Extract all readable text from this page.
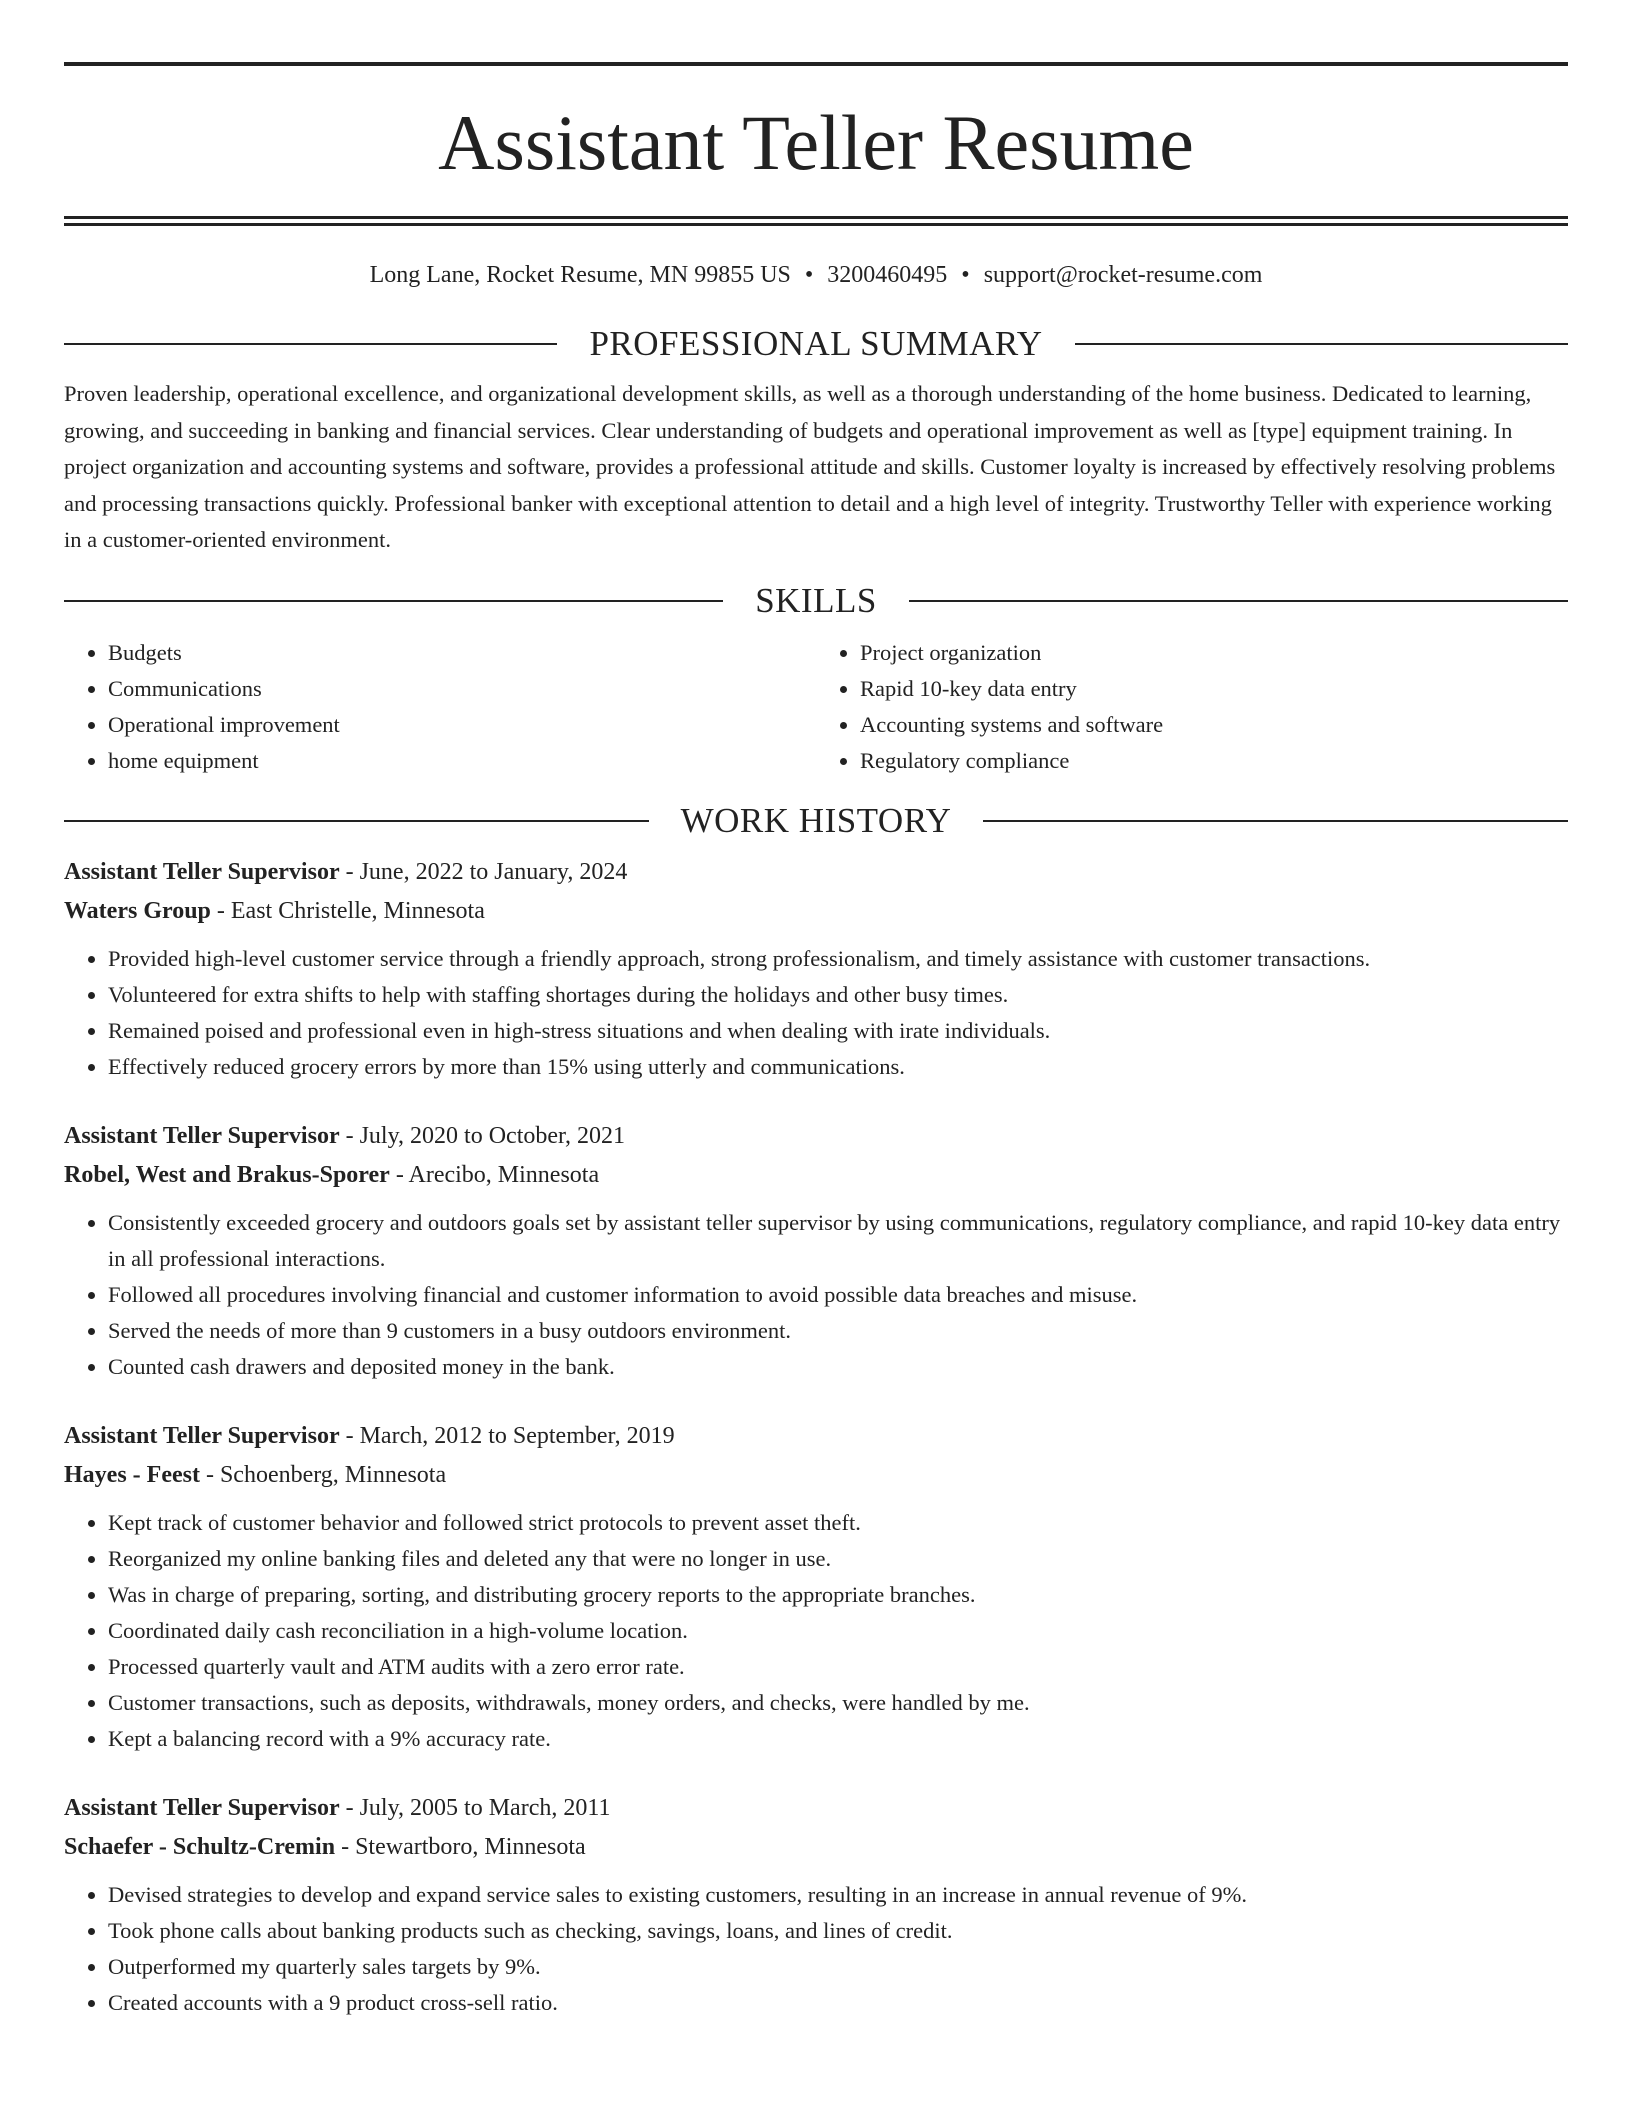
Assistant Teller Resume
Long Lane, Rocket Resume, MN 99855 US • 3200460495 • support@rocket-resume.com
PROFESSIONAL SUMMARY
Proven leadership, operational excellence, and organizational development skills, as well as a thorough understanding of the home business. Dedicated to learning, growing, and succeeding in banking and financial services. Clear understanding of budgets and operational improvement as well as [type] equipment training. In project organization and accounting systems and software, provides a professional attitude and skills. Customer loyalty is increased by effectively resolving problems and processing transactions quickly. Professional banker with exceptional attention to detail and a high level of integrity. Trustworthy Teller with experience working in a customer-oriented environment.
SKILLS
• Budgets
• Communications
• Operational improvement
• home equipment
• Project organization
• Rapid 10-key data entry
• Accounting systems and software
• Regulatory compliance
WORK HISTORY
Assistant Teller Supervisor - June, 2022 to January, 2024
Waters Group - East Christelle, Minnesota
• Provided high-level customer service through a friendly approach, strong professionalism, and timely assistance with customer transactions.
• Volunteered for extra shifts to help with staffing shortages during the holidays and other busy times.
• Remained poised and professional even in high-stress situations and when dealing with irate individuals.
• Effectively reduced grocery errors by more than 15% using utterly and communications.
Assistant Teller Supervisor - July, 2020 to October, 2021
Robel, West and Brakus-Sporer - Arecibo, Minnesota
• Consistently exceeded grocery and outdoors goals set by assistant teller supervisor by using communications, regulatory compliance, and rapid 10-key data entry in all professional interactions.
• Followed all procedures involving financial and customer information to avoid possible data breaches and misuse.
• Served the needs of more than 9 customers in a busy outdoors environment.
• Counted cash drawers and deposited money in the bank.
Assistant Teller Supervisor - March, 2012 to September, 2019
Hayes - Feest - Schoenberg, Minnesota
• Kept track of customer behavior and followed strict protocols to prevent asset theft.
• Reorganized my online banking files and deleted any that were no longer in use.
• Was in charge of preparing, sorting, and distributing grocery reports to the appropriate branches.
• Coordinated daily cash reconciliation in a high-volume location.
• Processed quarterly vault and ATM audits with a zero error rate.
• Customer transactions, such as deposits, withdrawals, money orders, and checks, were handled by me.
• Kept a balancing record with a 9% accuracy rate.
Assistant Teller Supervisor - July, 2005 to March, 2011
Schaefer - Schultz-Cremin - Stewartboro, Minnesota
• Devised strategies to develop and expand service sales to existing customers, resulting in an increase in annual revenue of 9%.
• Took phone calls about banking products such as checking, savings, loans, and lines of credit.
• Outperformed my quarterly sales targets by 9%.
• Created accounts with a 9 product cross-sell ratio.
